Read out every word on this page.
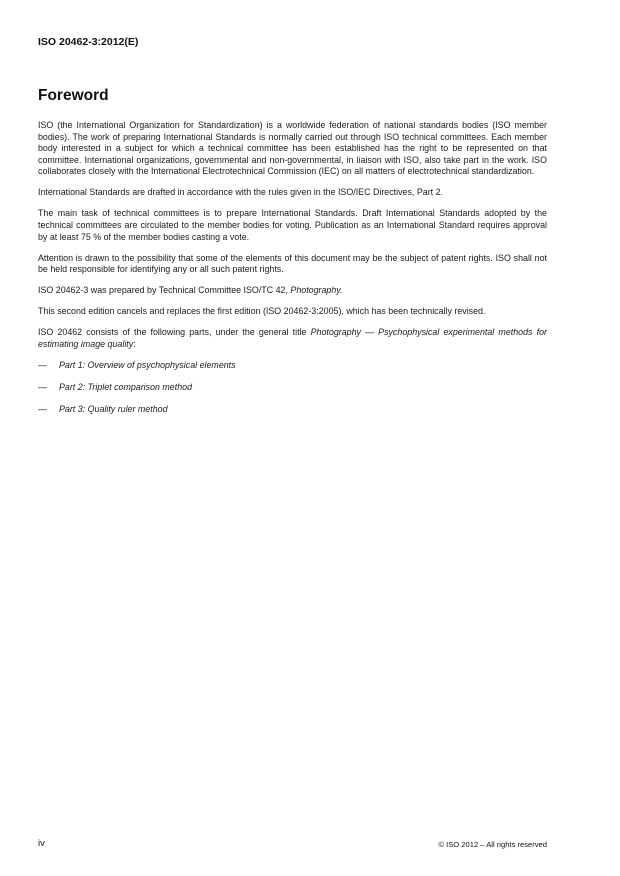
ISO 20462-3:2012(E)
Foreword

ISO (the International Organization for Standardization) is a worldwide federation of national standards bodies (ISO member bodies). The work of preparing International Standards is normally carried out through ISO technical committees. Each member body interested in a subject for which a technical committee has been established has the right to be represented on that committee. International organizations, governmental and non-governmental, in liaison with ISO, also take part in the work. ISO collaborates closely with the International Electrotechnical Commission (IEC) on all matters of electrotechnical standardization.

International Standards are drafted in accordance with the rules given in the ISO/IEC Directives, Part 2.

The main task of technical committees is to prepare International Standards. Draft International Standards adopted by the technical committees are circulated to the member bodies for voting. Publication as an International Standard requires approval by at least 75 % of the member bodies casting a vote.

Attention is drawn to the possibility that some of the elements of this document may be the subject of patent rights. ISO shall not be held responsible for identifying any or all such patent rights.

ISO 20462-3 was prepared by Technical Committee ISO/TC 42, Photography.

This second edition cancels and replaces the first edition (ISO 20462-3:2005), which has been technically revised.

ISO 20462 consists of the following parts, under the general title Photography — Psychophysical experimental methods for estimating image quality:

—	Part 1: Overview of psychophysical elements
—	Part 2: Triplet comparison method
—	Part 3: Quality ruler method
iv	© ISO 2012 – All rights reserved
